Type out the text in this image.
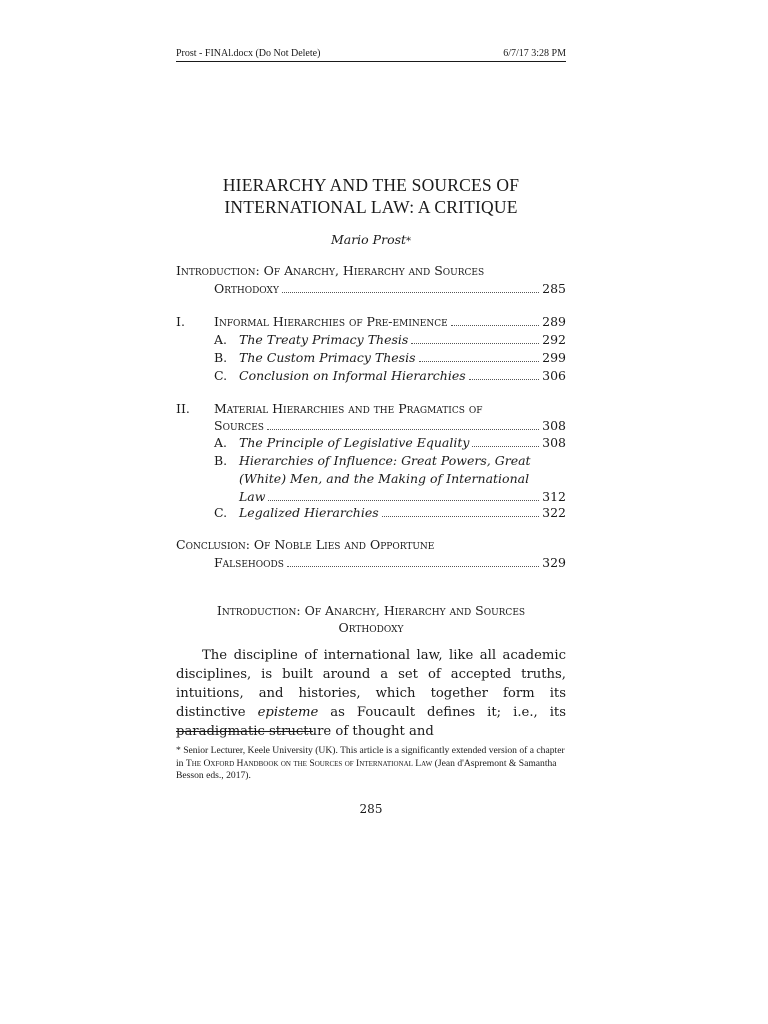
Prost - FINAl.docx (Do Not Delete)	6/7/17 3:28 PM
HIERARCHY AND THE SOURCES OF
INTERNATIONAL LAW: A CRITIQUE
Mario Prost*
Introduction: Of Anarchy, Hierarchy and Sources
Orthodoxy	285
I. Informal Hierarchies of Pre-eminence	289
A. The Treaty Primacy Thesis	292
B. The Custom Primacy Thesis	299
C. Conclusion on Informal Hierarchies	306
II. Material Hierarchies and the Pragmatics of
Sources	308
A. The Principle of Legislative Equality	308
B. Hierarchies of Influence: Great Powers, Great
(White) Men, and the Making of International
Law	312
C. Legalized Hierarchies	322
Conclusion: Of Noble Lies and Opportune
Falsehoods	329
Introduction: Of Anarchy, Hierarchy and Sources
Orthodoxy

The discipline of international law, like all academic disciplines, is built around a set of accepted truths, intuitions, and histories, which together form its distinctive episteme as Foucault defines it; i.e., its paradigmatic structure of thought and

* Senior Lecturer, Keele University (UK). This article is a significantly extended version of a chapter in The Oxford Handbook on the Sources of International Law (Jean d'Aspremont & Samantha Besson eds., 2017).
285
